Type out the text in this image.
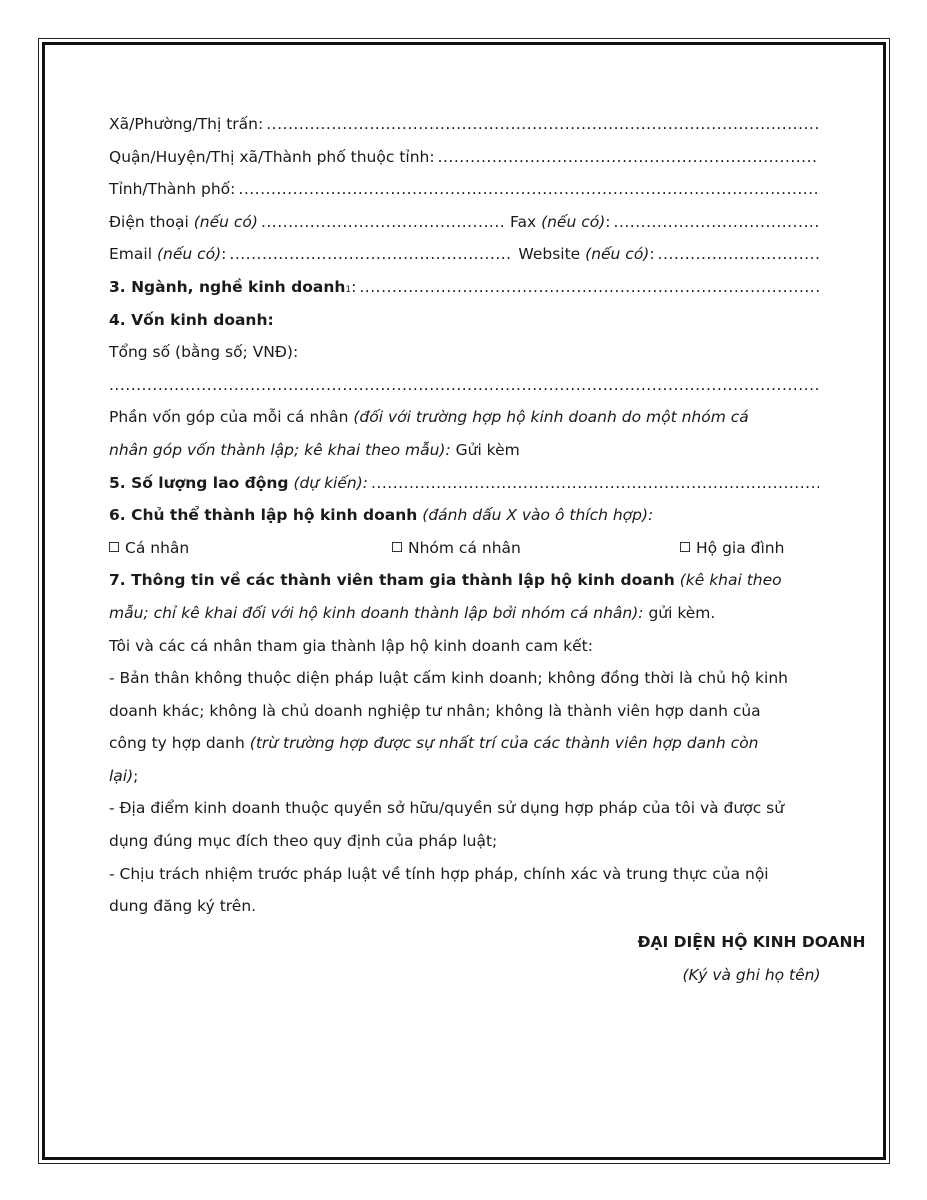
Xã/Phường/Thị trấn:
.....
Quận/Huyện/Thị xã/Thành phố thuộc tỉnh:
.....
Tỉnh/Thành phố:
.....
Điện thoại
(nếu có) .....	Fax
(nếu có) :
.....
Email
(nếu có) : .....	Website
(nếu có) :
.....
3. Ngành, nghề kinh doanh 1 :
.....
4. Vốn kinh doanh:
Tổng số (bằng số; VNĐ):
.....
Phần vốn góp của mỗi cá nhân
(đối với trường hợp hộ kinh doanh do một nhóm cá
nhân góp vốn thành lập; kê khai theo mẫu):
Gửi kèm
5. Số lượng lao động
(dự kiến):
.....
6. Chủ thể thành lập hộ kinh doanh
(đánh dấu X vào ô thích hợp):
Cá nhân	Nhóm cá nhân	Hộ gia đình
7. Thông tin về các thành viên tham gia thành lập hộ kinh doanh
(kê khai theo
mẫu; chỉ kê khai đối với hộ kinh doanh thành lập bởi nhóm cá nhân):
gửi kèm.
Tôi và các cá nhân tham gia thành lập hộ kinh doanh cam kết:
- Bản thân không thuộc diện pháp luật cấm kinh doanh; không đồng thời là chủ hộ kinh
doanh khác; không là chủ doanh nghiệp tư nhân; không là thành viên hợp danh của
công ty hợp danh
(trừ trường hợp được sự nhất trí của các thành viên hợp danh còn
lại) ;
- Địa điểm kinh doanh thuộc quyền sở hữu/quyền sử dụng hợp pháp của tôi và được sử
dụng đúng mục đích theo quy định của pháp luật;
- Chịu trách nhiệm trước pháp luật về tính hợp pháp, chính xác và trung thực của nội
dung đăng ký trên.
ĐẠI DIỆN HỘ KINH DOANH
(Ký và ghi họ tên)
